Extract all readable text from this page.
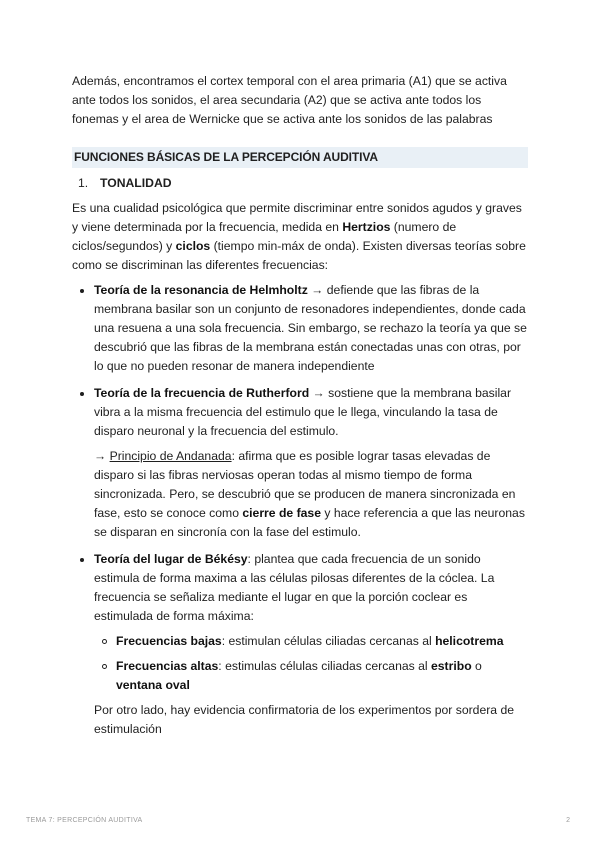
Además, encontramos el cortex temporal con el area primaria (A1) que se activa ante todos los sonidos, el area secundaria (A2) que se activa ante todos los fonemas y el area de Wernicke que se activa ante los sonidos de las palabras

FUNCIONES BÁSICAS DE LA PERCEPCIÓN AUDITIVA
1. TONALIDAD

Es una cualidad psicológica que permite discriminar entre sonidos agudos y graves y viene determinada por la frecuencia, medida en Hertzios (numero de ciclos/segundos) y ciclos (tiempo min-máx de onda). Existen diversas teorías sobre como se discriminan las diferentes frecuencias:

Teoría de la resonancia de Helmholtz → defiende que las fibras de la membrana basilar son un conjunto de resonadores independientes, donde cada una resuena a una sola frecuencia. Sin embargo, se rechazo la teoría ya que se descubrió que las fibras de la membrana están conectadas unas con otras, por lo que no pueden resonar de manera independiente
Teoría de la frecuencia de Rutherford → sostiene que la membrana basilar vibra a la misma frecuencia del estimulo que le llega, vinculando la tasa de disparo neuronal y la frecuencia del estimulo.

→ Principio de Andanada: afirma que es posible lograr tasas elevadas de disparo si las fibras nerviosas operan todas al mismo tiempo de forma sincronizada. Pero, se descubrió que se producen de manera sincronizada en fase, esto se conoce como cierre de fase y hace referencia a que las neuronas se disparan en sincronía con la fase del estimulo.

Teoría del lugar de Békésy: plantea que cada frecuencia de un sonido estimula de forma maxima a las células pilosas diferentes de la cóclea. La frecuencia se señaliza mediante el lugar en que la porción coclear es estimulada de forma máxima:
Frecuencias bajas: estimulan células ciliadas cercanas al helicotrema
Frecuencias altas: estimulas células ciliadas cercanas al estribo o ventana oval

Por otro lado, hay evidencia confirmatoria de los experimentos por sordera de estimulación

TEMA 7: PERCEPCIÓN AUDITIVA	2
